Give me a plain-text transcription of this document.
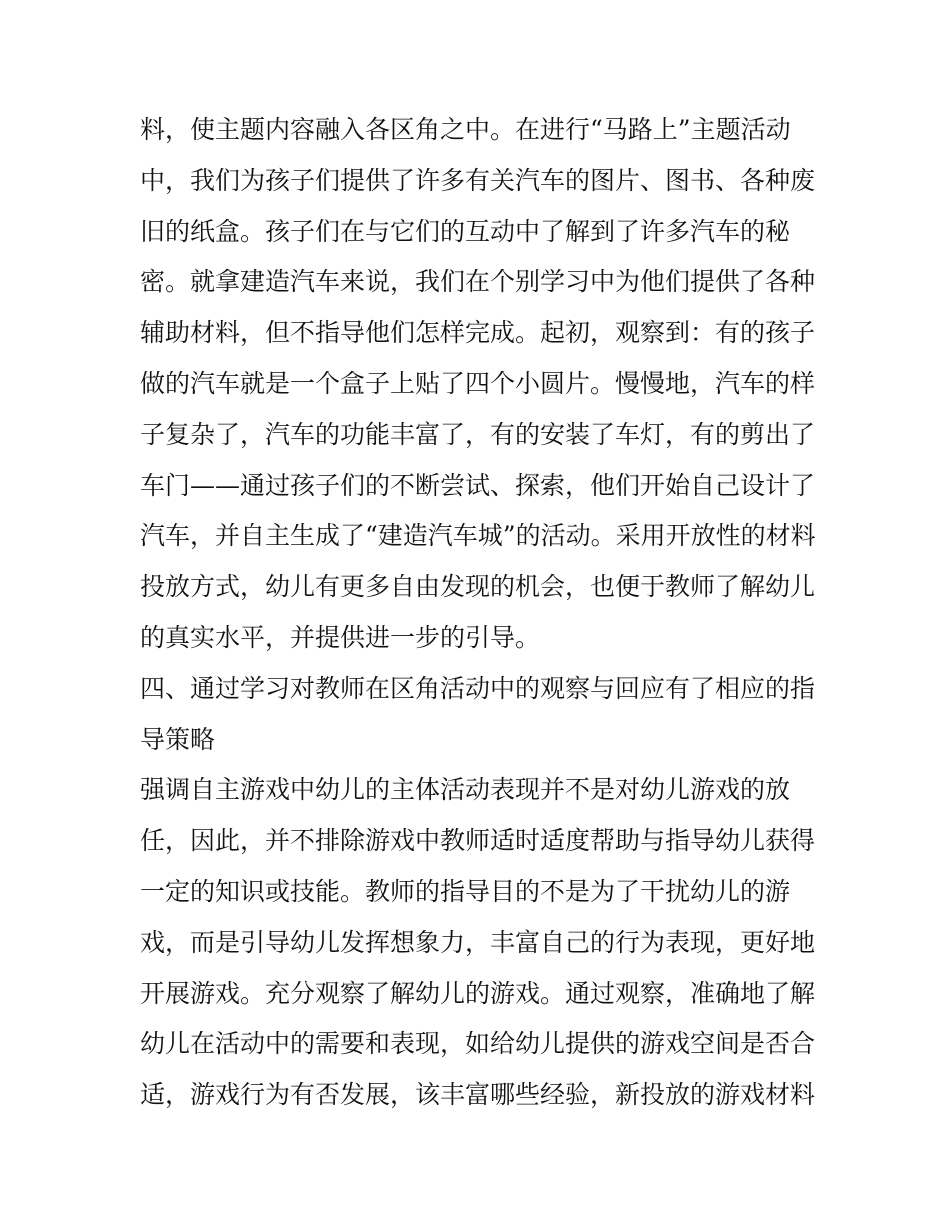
料，使主题内容融入各区角之中。在进行“马路上”主题活动
中，我们为孩子们提供了许多有关汽车的图片、图书、各种废
旧的纸盒。孩子们在与它们的互动中了解到了许多汽车的秘
密。就拿建造汽车来说，我们在个别学习中为他们提供了各种
辅助材料，但不指导他们怎样完成。起初，观察到：有的孩子
做的汽车就是一个盒子上贴了四个小圆片。慢慢地，汽车的样
子复杂了，汽车的功能丰富了，有的安装了车灯，有的剪出了
车门——通过孩子们的不断尝试、探索，他们开始自己设计了
汽车，并自主生成了“建造汽车城”的活动。采用开放性的材料
投放方式，幼儿有更多自由发现的机会，也便于教师了解幼儿
的真实水平，并提供进一步的引导。
四、通过学习对教师在区角活动中的观察与回应有了相应的指
导策略
强调自主游戏中幼儿的主体活动表现并不是对幼儿游戏的放
任，因此，并不排除游戏中教师适时适度帮助与指导幼儿获得
一定的知识或技能。教师的指导目的不是为了干扰幼儿的游
戏，而是引导幼儿发挥想象力，丰富自己的行为表现，更好地
开展游戏。充分观察了解幼儿的游戏。通过观察，准确地了解
幼儿在活动中的需要和表现，如给幼儿提供的游戏空间是否合
适，游戏行为有否发展，该丰富哪些经验，新投放的游戏材料
